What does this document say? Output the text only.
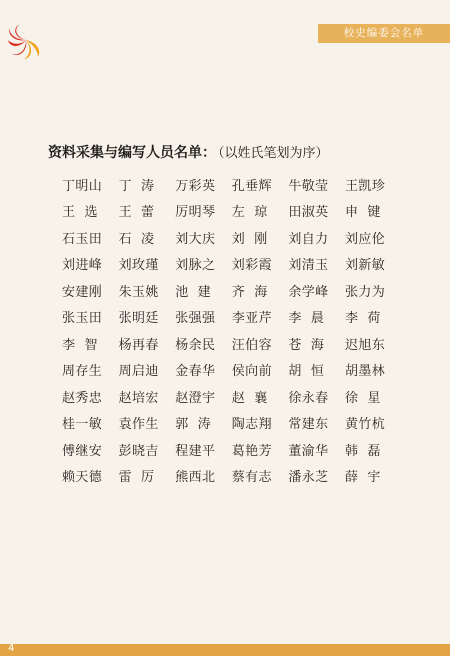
校史编委会名单
资料采集与编写人员名单： （以姓氏笔划为序）
丁明山	丁  涛	万彩英	孔垂辉	牛敬莹	王凯珍
王  选	王  蕾	厉明琴	左  琼	田淑英	申  键
石玉田	石  凌	刘大庆	刘  刚	刘自力	刘应伦
刘进峰	刘玫瑾	刘脉之	刘彩霞	刘清玉	刘新敏
安建刚	朱玉姚	池  建	齐  海	余学峰	张力为
张玉田	张明廷	张强强	李亚芹	李  晨	李  荷
李  智	杨再春	杨余民	汪伯容	苍  海	迟旭东
周存生	周启迪	金春华	侯向前	胡  恒	胡墨林
赵秀忠	赵培宏	赵澄宇	赵  襄	徐永春	徐  星
桂一敏	袁作生	郭  涛	陶志翔	常建东	黄竹杭
傅继安	彭晓吉	程建平	葛艳芳	董渝华	韩  磊
赖天德	雷  厉	熊西北	蔡有志	潘永芝	薛  宇
4
